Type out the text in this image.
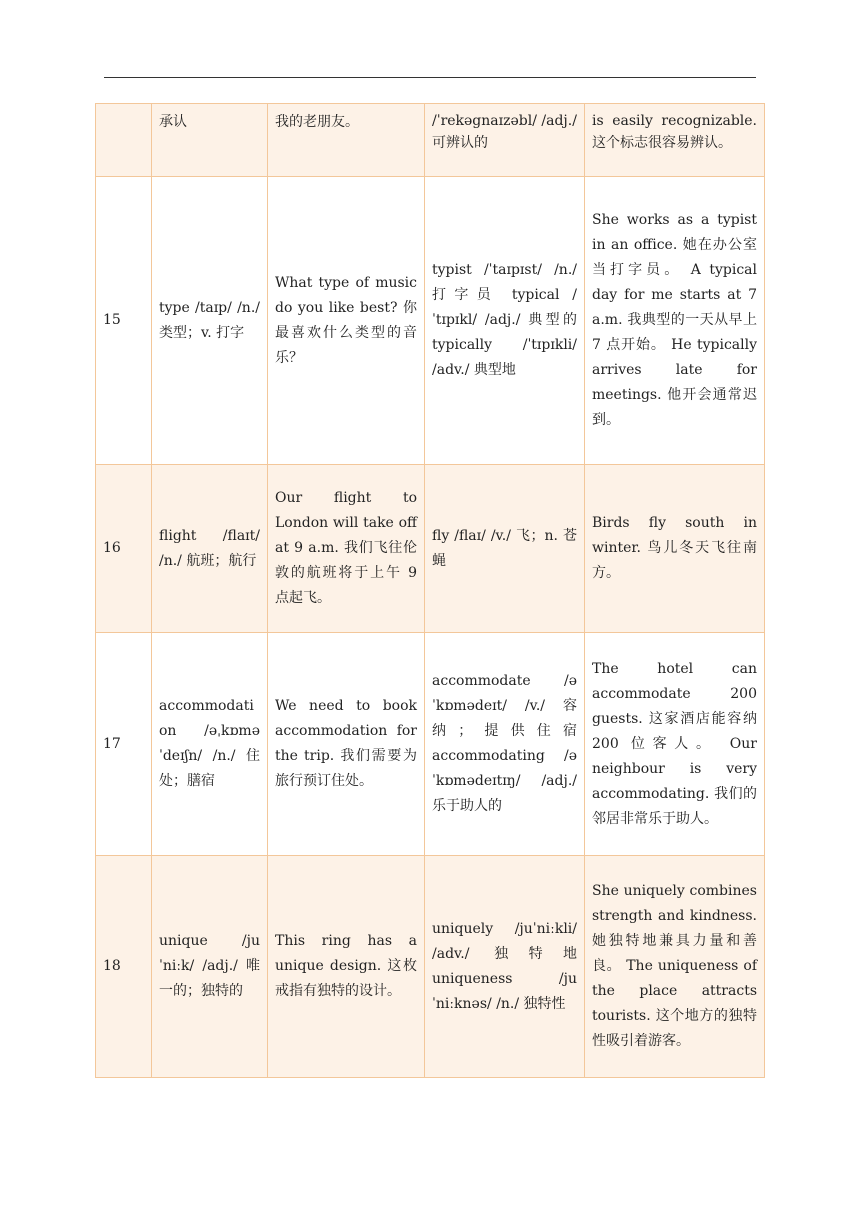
	承认	我的老朋友。	/ˈrekəgnaɪzəbl/ /adj./ 可辨认的	is easily recognizable. 这个标志很容易辨认。
15	type /taɪp/ /n./ 类型；v. 打字	What type of music do you like best? 你最喜欢什么类型的音乐？	typist /ˈtaɪpɪst/ /n./ 打字员 typical /ˈtɪpɪkl/ /adj./ 典型的 typically /ˈtɪpɪkli/ /adv./ 典型地	She works as a typist in an office. 她在办公室当打字员。 A typical day for me starts at 7 a.m. 我典型的一天从早上 7 点开始。 He typically arrives late for meetings. 他开会通常迟到。
16	flight /flaɪt/ /n./ 航班；航行	Our flight to London will take off at 9 a.m. 我们飞往伦敦的航班将于上午 9 点起飞。	fly /flaɪ/ /v./ 飞；n. 苍蝇	Birds fly south in winter. 鸟儿冬天飞往南方。
17	accommodation /əˌkɒməˈdeɪʃn/ /n./ 住处；膳宿	We need to book accommodation for the trip. 我们需要为旅行预订住处。	accommodate /əˈkɒmədeɪt/ /v./ 容纳；提供住宿 accommodating /əˈkɒmədeɪtɪŋ/ /adj./ 乐于助人的	The hotel can accommodate 200 guests. 这家酒店能容纳 200 位客人。 Our neighbour is very accommodating. 我们的邻居非常乐于助人。
18	unique /juˈniːk/ /adj./ 唯一的；独特的	This ring has a unique design. 这枚戒指有独特的设计。	uniquely /juˈniːkli/ /adv./ 独特地 uniqueness /juˈniːknəs/ /n./ 独特性	She uniquely combines strength and kindness. 她独特地兼具力量和善良。 The uniqueness of the place attracts tourists. 这个地方的独特性吸引着游客。
